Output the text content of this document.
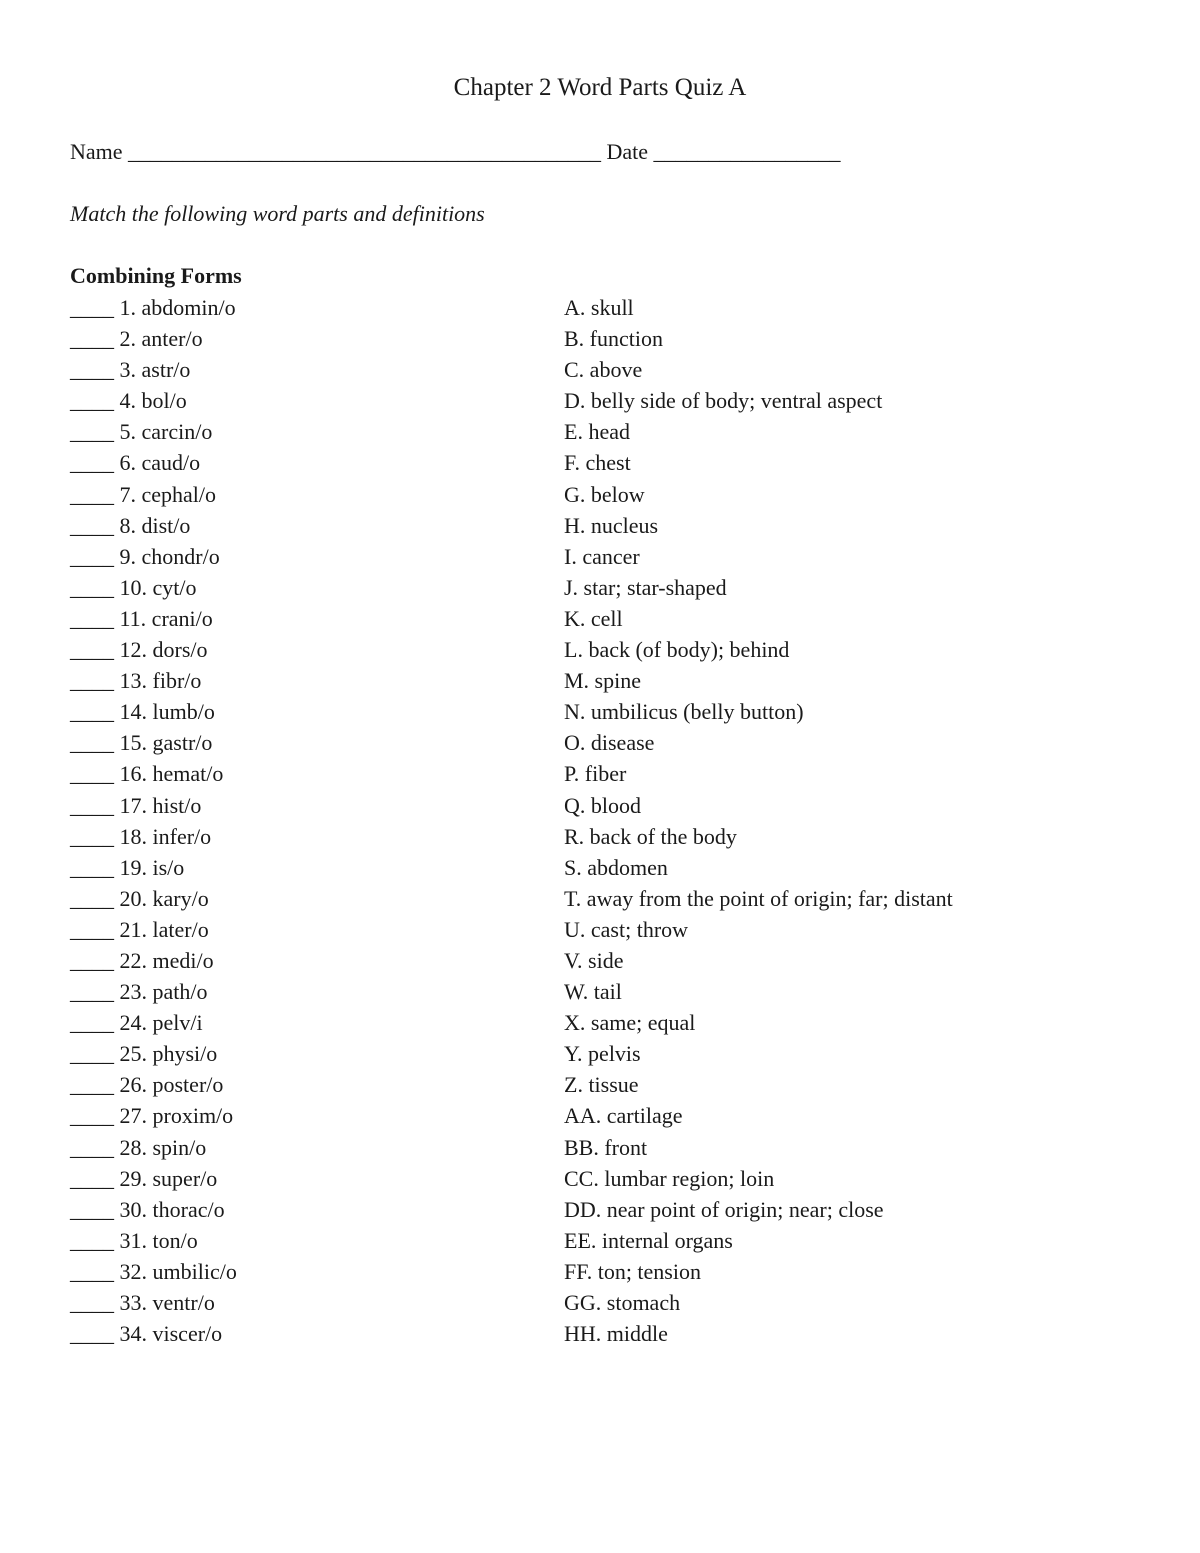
Chapter 2 Word Parts Quiz A
Name ___________________________________________ Date _________________
Match the following word parts and definitions
Combining Forms
____ 1. abdomin/o	A. skull
____ 2. anter/o	B. function
____ 3. astr/o	C. above
____ 4. bol/o	D. belly side of body; ventral aspect
____ 5. carcin/o	E. head
____ 6. caud/o	F. chest
____ 7. cephal/o	G. below
____ 8. dist/o	H. nucleus
____ 9. chondr/o	I. cancer
____ 10. cyt/o	J. star; star-shaped
____ 11. crani/o	K. cell
____ 12. dors/o	L. back (of body); behind
____ 13. fibr/o	M. spine
____ 14. lumb/o	N. umbilicus (belly button)
____ 15. gastr/o	O. disease
____ 16. hemat/o	P. fiber
____ 17. hist/o	Q. blood
____ 18. infer/o	R. back of the body
____ 19. is/o	S. abdomen
____ 20. kary/o	T. away from the point of origin; far; distant
____ 21. later/o	U. cast; throw
____ 22. medi/o	V. side
____ 23. path/o	W. tail
____ 24. pelv/i	X. same; equal
____ 25. physi/o	Y. pelvis
____ 26. poster/o	Z. tissue
____ 27. proxim/o	AA. cartilage
____ 28. spin/o	BB. front
____ 29. super/o	CC. lumbar region; loin
____ 30. thorac/o	DD. near point of origin; near; close
____ 31. ton/o	EE. internal organs
____ 32. umbilic/o	FF. ton; tension
____ 33. ventr/o	GG. stomach
____ 34. viscer/o	HH. middle
